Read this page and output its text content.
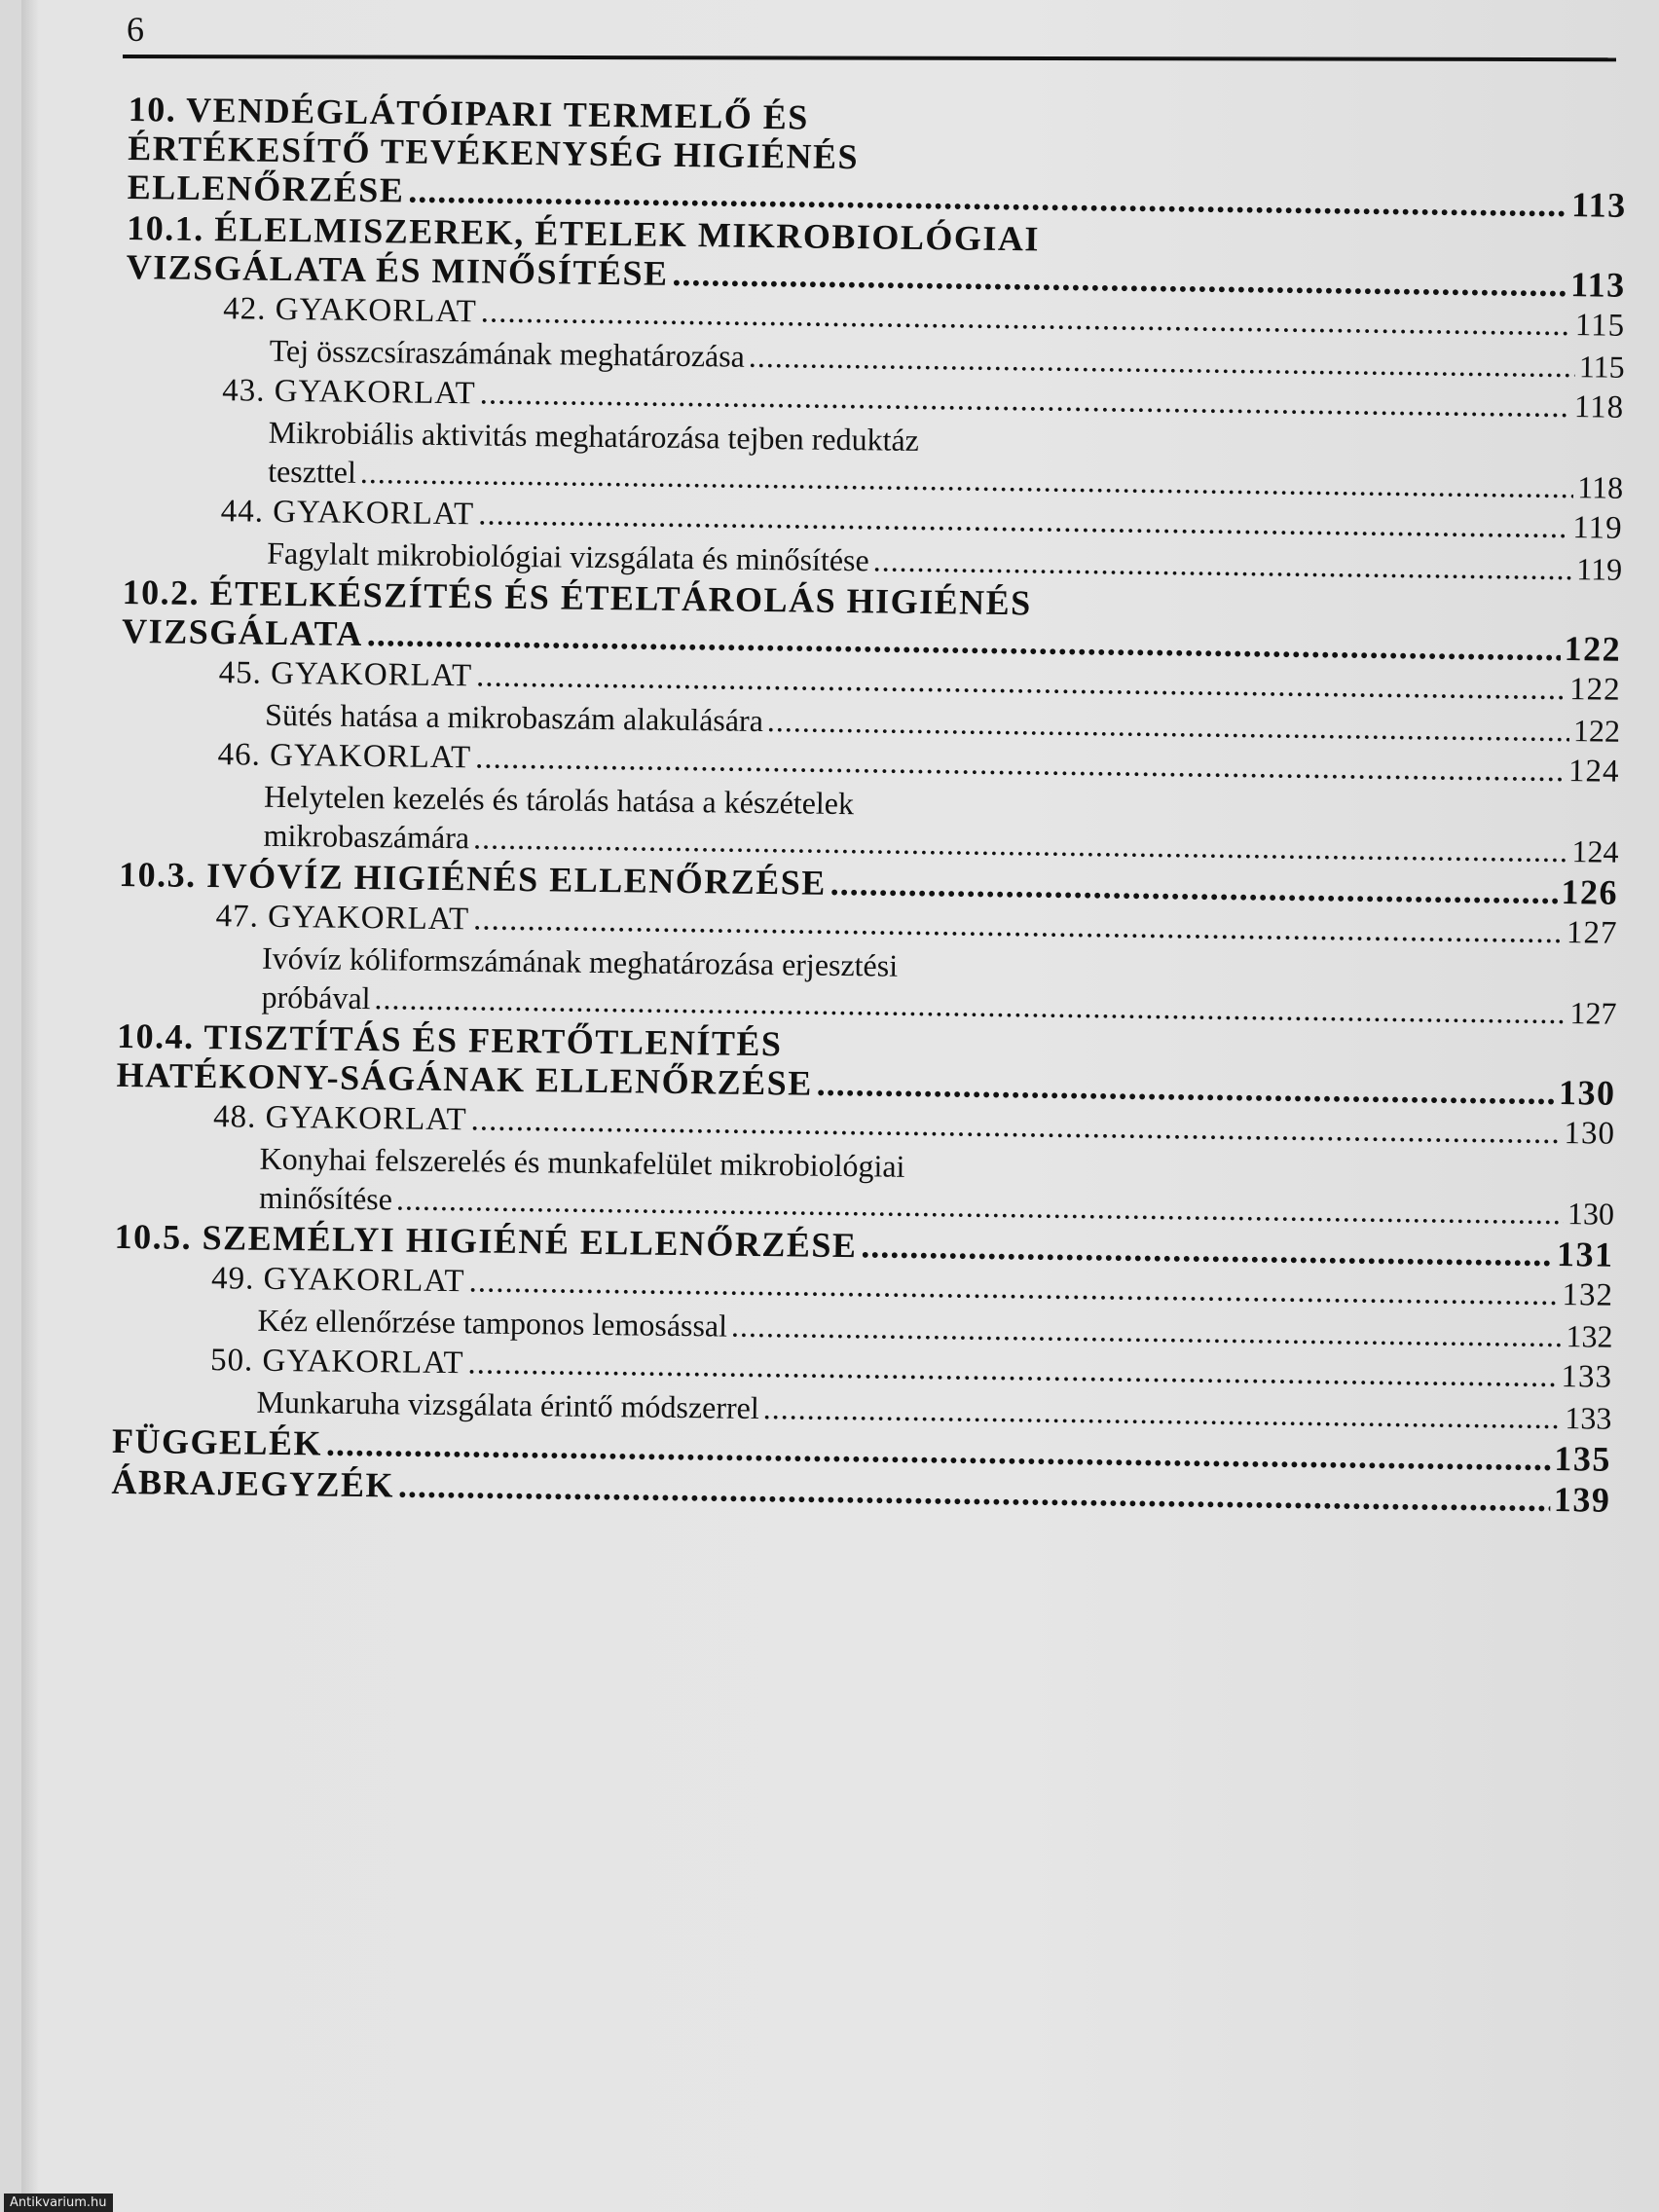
6
10. VENDÉGLÁTÓIPARI TERMELŐ ÉS
ÉRTÉKESÍTŐ TEVÉKENYSÉG HIGIÉNÉS
ELLENŐRZÉSE .....	113
10.1. ÉLELMISZEREK, ÉTELEK MIKROBIOLÓGIAI
VIZSGÁLATA ÉS MINŐSÍTÉSE .....	113
42. GYAKORLAT .....	115
Tej összcsíraszámának meghatározása .....	115
43. GYAKORLAT .....	118
Mikrobiális aktivitás meghatározása tejben reduktáz
teszttel .....	118
44. GYAKORLAT .....	119
Fagylalt mikrobiológiai vizsgálata és minősítése .....	119
10.2. ÉTELKÉSZÍTÉS ÉS ÉTELTÁROLÁS HIGIÉNÉS
VIZSGÁLATA .....	122
45. GYAKORLAT .....	122
Sütés hatása a mikrobaszám alakulására .....	122
46. GYAKORLAT .....	124
Helytelen kezelés és tárolás hatása a készételek
mikrobaszámára .....	124
10.3. IVÓVÍZ HIGIÉNÉS ELLENŐRZÉSE .....	126
47. GYAKORLAT .....	127
Ivóvíz kóliformszámának meghatározása erjesztési
próbával .....	127
10.4. TISZTÍTÁS ÉS FERTŐTLENÍTÉS
HATÉKONY-SÁGÁNAK ELLENŐRZÉSE .....	130
48. GYAKORLAT .....	130
Konyhai felszerelés és munkafelület mikrobiológiai
minősítése .....	130
10.5. SZEMÉLYI HIGIÉNÉ ELLENŐRZÉSE .....	131
49. GYAKORLAT .....	132
Kéz ellenőrzése tamponos lemosással .....	132
50. GYAKORLAT .....	133
Munkaruha vizsgálata érintő módszerrel .....	133
FÜGGELÉK .....	135
ÁBRAJEGYZÉK .....	139
Antikvarium.hu
